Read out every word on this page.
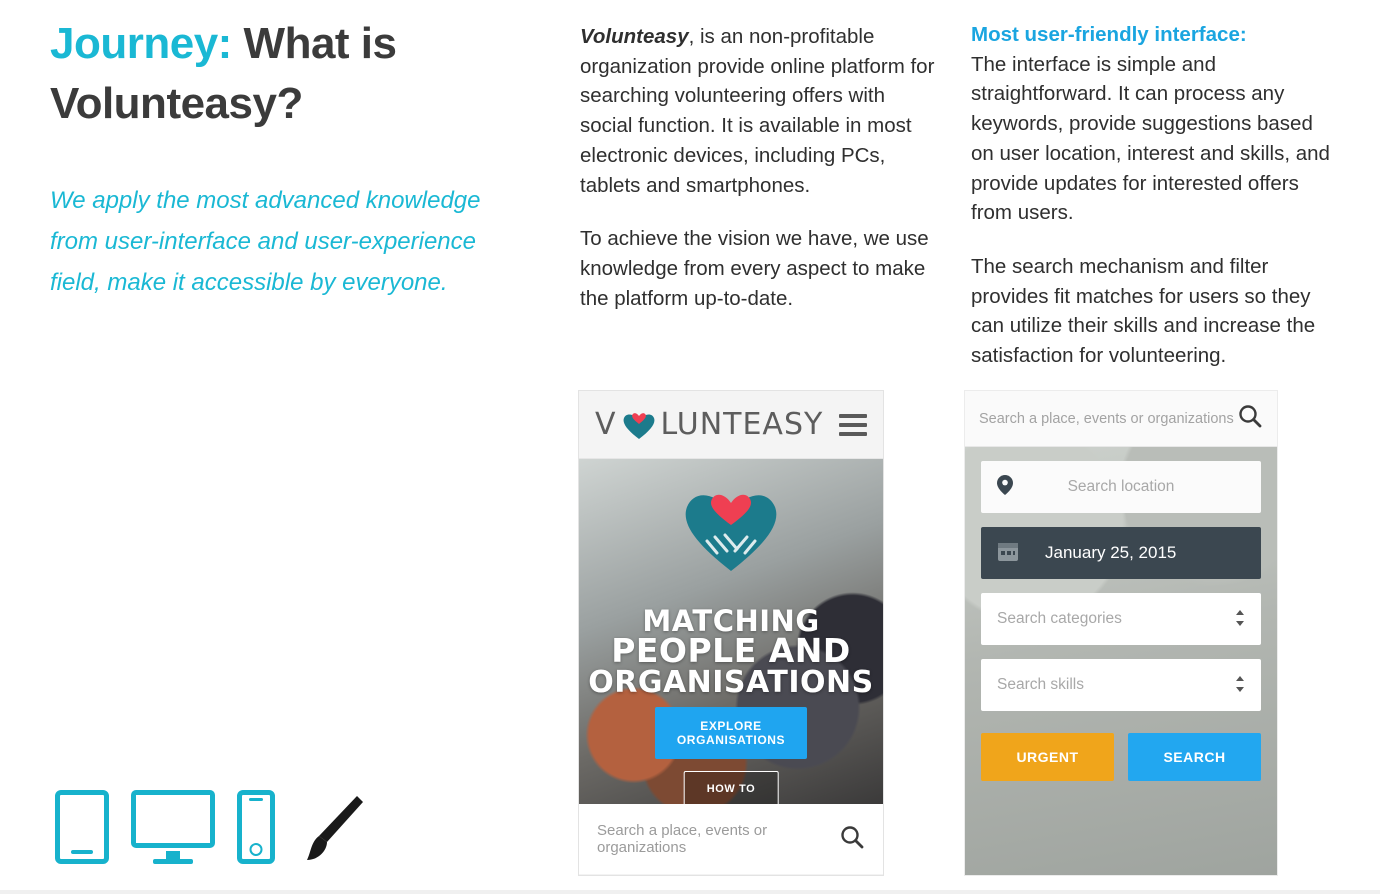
Journey: What is Volunteasy?
We apply the most advanced knowledge from user-interface and user-experience field, make it accessible by everyone.

Volunteasy, is an non-profitable organization provide online platform for searching volunteering offers with social function. It is available in most electronic devices, including PCs, tablets and smartphones.

To achieve the vision we have, we use knowledge from every aspect to make the platform up-to-date.

Most user-friendly interface:

The interface is simple and straightforward. It can process any keywords, provide suggestions based on user location, interest and skills, and provide updates for interested offers from users.

The search mechanism and filter provides fit matches for users so they can utilize their skills and increase the satisfaction for volunteering.

V LUNTEASY
MATCHING
PEOPLE AND
ORGANISATIONS
EXPLORE ORGANISATIONS
HOW TO
Search a place, events or organizations
Search a place, events or organizations
Search location
January 25, 2015
Search categories
Search skills
URGENT	SEARCH
